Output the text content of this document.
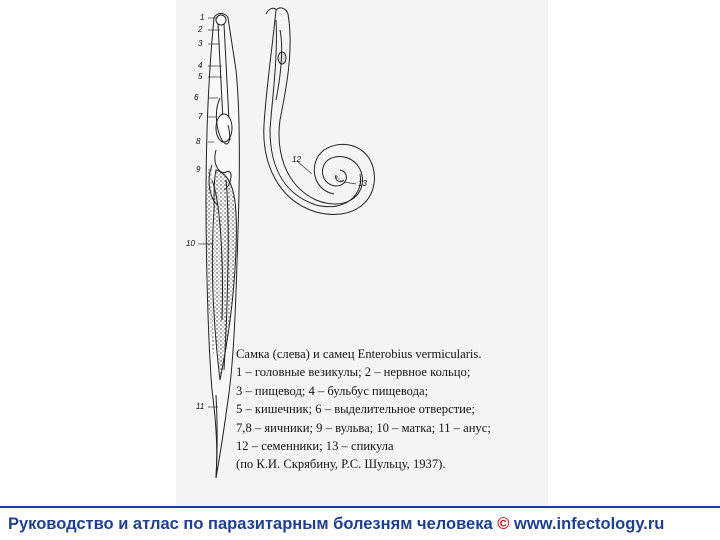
1
2
3
4
5
6
7
8
9
10
11
12
13
Самка (слева) и самец Enterobius vermicularis.
1 – головные везикулы; 2 – нервное кольцо;
3 – пищевод; 4 – бульбус пищевода;
5 – кишечник; 6 – выделительное отверстие;
7,8 – яичники; 9 – вульва; 10 – матка; 11 – анус;
12 – семенники; 13 – спикула
(по К.И. Скрябину, Р.С. Шульцу, 1937).
Руководство и атлас по паразитарным болезням человека © www.infectology.ru
